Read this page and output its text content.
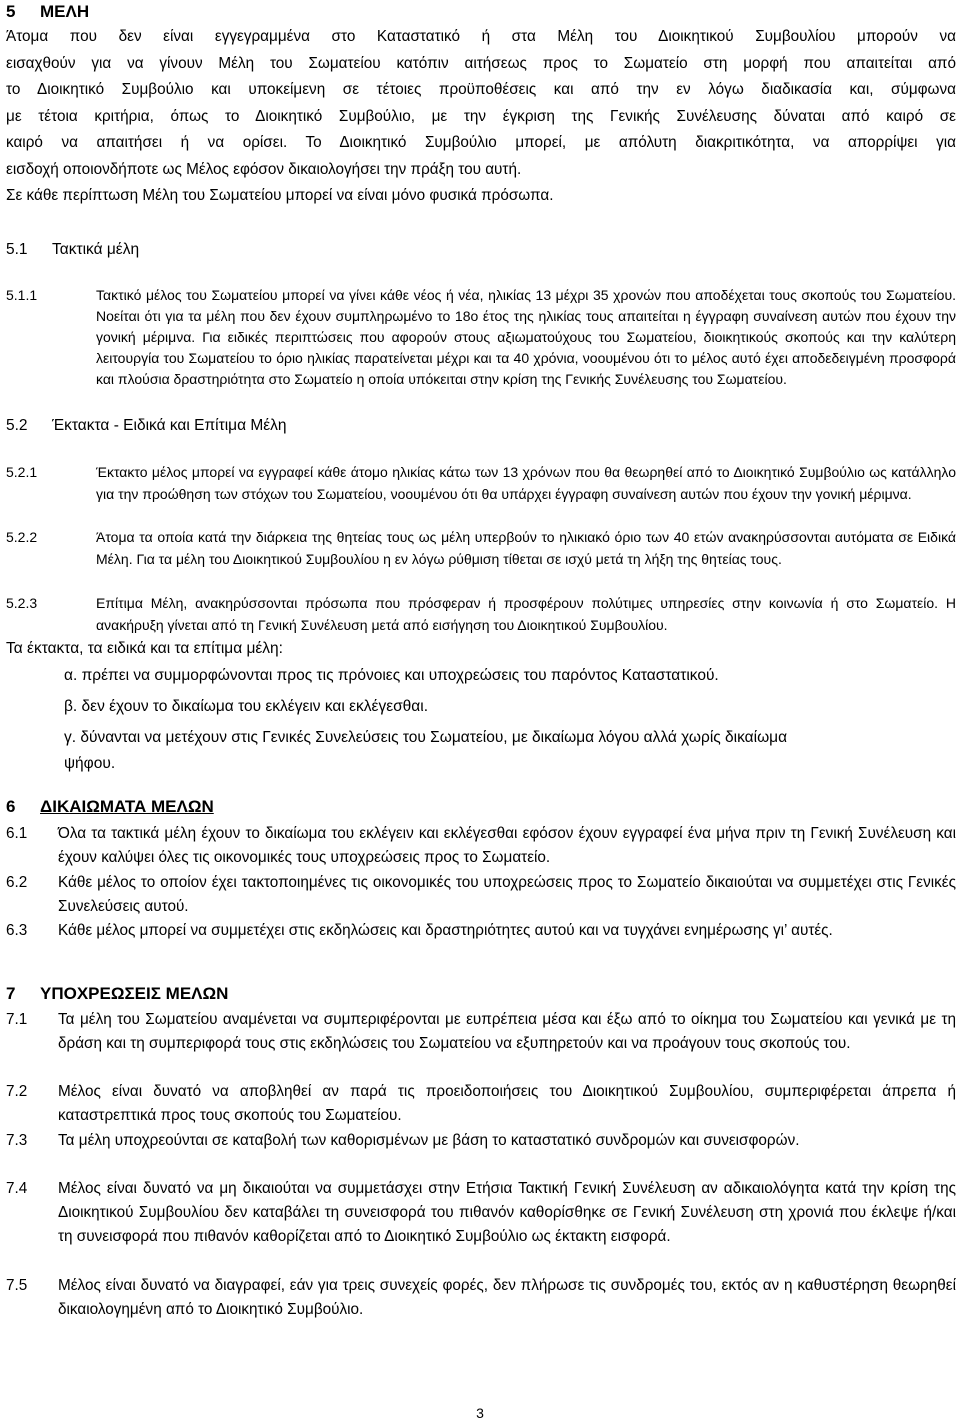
5 ΜΕΛΗ
Άτομα που δεν είναι εγγεγραμμένα στο Καταστατικό ή στα Μέλη του Διοικητικού Συμβουλίου μπορούν να
εισαχθούν για να γίνουν Μέλη του Σωματείου κατόπιν αιτήσεως προς το Σωματείο στη μορφή που απαιτείται από
το Διοικητικό Συμβούλιο και υποκείμενη σε τέτοιες προϋποθέσεις και από την εν λόγω διαδικασία και, σύμφωνα
με τέτοια κριτήρια, όπως το Διοικητικό Συμβούλιο, με την έγκριση της Γενικής Συνέλευσης δύναται από καιρό σε
καιρό να απαιτήσει ή να ορίσει. Το Διοικητικό Συμβούλιο μπορεί, με απόλυτη διακριτικότητα, να απορρίψει για
εισδοχή οποιονδήποτε ως Μέλος εφόσον δικαιολογήσει την πράξη του αυτή.
Σε κάθε περίπτωση Μέλη του Σωματείου μπορεί να είναι μόνο φυσικά πρόσωπα.
5.1 Τακτικά μέλη
5.1.1	Τακτικό μέλος του Σωματείου μπορεί να γίνει κάθε νέος ή νέα, ηλικίας 13 μέχρι 35 χρονών που αποδέχεται τους σκοπούς του Σωματείου. Νοείται ότι για τα μέλη που δεν έχουν συμπληρωμένο το 18ο έτος της ηλικίας τους απαιτείται η έγγραφη συναίνεση αυτών που έχουν την γονική μέριμνα. Για ειδικές περιπτώσεις που αφορούν στους αξιωματούχους του Σωματείου, διοικητικούς σκοπούς και την καλύτερη λειτουργία του Σωματείου το όριο ηλικίας παρατείνεται μέχρι και τα 40 χρόνια, νοουμένου ότι το μέλος αυτό έχει αποδεδειγμένη προσφορά και πλούσια δραστηριότητα στο Σωματείο η οποία υπόκειται στην κρίση της Γενικής Συνέλευσης του Σωματείου.
5.2 Έκτακτα - Ειδικά και Επίτιμα Μέλη
5.2.1	Έκτακτο μέλος μπορεί να εγγραφεί κάθε άτομο ηλικίας κάτω των 13 χρόνων που θα θεωρηθεί από το Διοικητικό Συμβούλιο ως κατάλληλο για την προώθηση των στόχων του Σωματείου, νοουμένου ότι θα υπάρχει έγγραφη συναίνεση αυτών που έχουν την γονική μέριμνα.
5.2.2	Άτομα τα οποία κατά την διάρκεια της θητείας τους ως μέλη υπερβούν το ηλικιακό όριο των 40 ετών ανακηρύσσονται αυτόματα σε Ειδικά Μέλη. Για τα μέλη του Διοικητικού Συμβουλίου η εν λόγω ρύθμιση τίθεται σε ισχύ μετά τη λήξη της θητείας τους.
5.2.3	Επίτιμα Μέλη, ανακηρύσσονται πρόσωπα που πρόσφεραν ή προσφέρουν πολύτιμες υπηρεσίες στην κοινωνία ή στο Σωματείο. Η ανακήρυξη γίνεται από τη Γενική Συνέλευση μετά από εισήγηση του Διοικητικού Συμβουλίου.
Τα έκτακτα, τα ειδικά και τα επίτιμα μέλη:
α. πρέπει να συμμορφώνονται προς τις πρόνοιες και υποχρεώσεις του παρόντος Καταστατικού.
β. δεν έχουν το δικαίωμα του εκλέγειν και εκλέγεσθαι.
γ. δύνανται να μετέχουν στις Γενικές Συνελεύσεις του Σωματείου, με δικαίωμα λόγου αλλά χωρίς δικαίωμα
ψήφου.
6 ΔΙΚΑΙΩΜΑΤΑ ΜΕΛΩΝ
6.1	Όλα τα τακτικά μέλη έχουν το δικαίωμα του εκλέγειν και εκλέγεσθαι εφόσον έχουν εγγραφεί ένα μήνα πριν τη Γενική Συνέλευση και έχουν καλύψει όλες τις οικονομικές τους υποχρεώσεις προς το Σωματείο.
6.2	Κάθε μέλος το οποίον έχει τακτοποιημένες τις οικονομικές του υποχρεώσεις προς το Σωματείο δικαιούται να συμμετέχει στις Γενικές Συνελεύσεις αυτού.
6.3	Κάθε μέλος μπορεί να συμμετέχει στις εκδηλώσεις και δραστηριότητες αυτού και να τυγχάνει ενημέρωσης γι’ αυτές.
7 ΥΠΟΧΡΕΩΣΕΙΣ ΜΕΛΩΝ
7.1	Τα μέλη του Σωματείου αναμένεται να συμπεριφέρονται με ευπρέπεια μέσα και έξω από το οίκημα του Σωματείου και γενικά με τη δράση και τη συμπεριφορά τους στις εκδηλώσεις του Σωματείου να εξυπηρετούν και να προάγουν τους σκοπούς του.
7.2	Μέλος είναι δυνατό να αποβληθεί αν παρά τις προειδοποιήσεις του Διοικητικού Συμβουλίου, συμπεριφέρεται άπρεπα ή καταστρεπτικά προς τους σκοπούς του Σωματείου.
7.3	Τα μέλη υποχρεούνται σε καταβολή των καθορισμένων με βάση το καταστατικό συνδρομών και συνεισφορών.
7.4	Μέλος είναι δυνατό να μη δικαιούται να συμμετάσχει στην Ετήσια Τακτική Γενική Συνέλευση αν αδικαιολόγητα κατά την κρίση της Διοικητικού Συμβουλίου δεν καταβάλει τη συνεισφορά του πιθανόν καθορίσθηκε σε Γενική Συνέλευση στη χρονιά που έκλεψε ή/και τη συνεισφορά που πιθανόν καθορίζεται από το Διοικητικό Συμβούλιο ως έκτακτη εισφορά.
7.5	Μέλος είναι δυνατό να διαγραφεί, εάν για τρεις συνεχείς φορές, δεν πλήρωσε τις συνδρομές του, εκτός αν η καθυστέρηση θεωρηθεί δικαιολογημένη από το Διοικητικό Συμβούλιο.
3
